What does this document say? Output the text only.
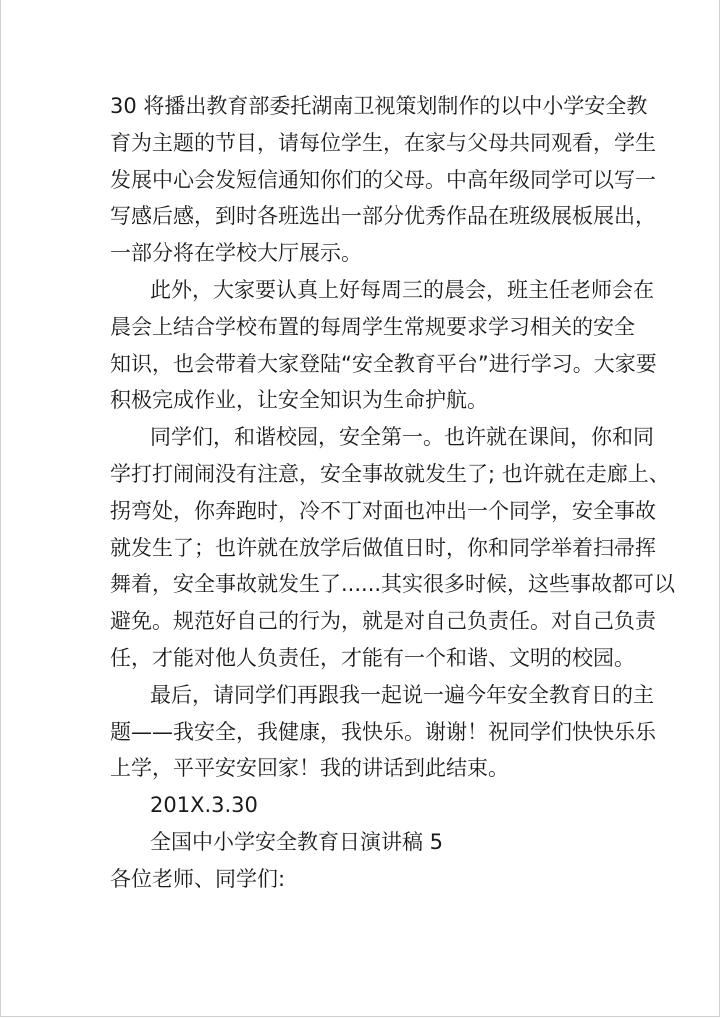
30 将播出教育部委托湖南卫视策划制作的以中小学安全教
育为主题的节目，请每位学生，在家与父母共同观看，学生
发展中心会发短信通知你们的父母。中高年级同学可以写一
写感后感，到时各班选出一部分优秀作品在班级展板展出，
一部分将在学校大厅展示。
此外，大家要认真上好每周三的晨会，班主任老师会在
晨会上结合学校布置的每周学生常规要求学习相关的安全
知识，也会带着大家登陆“安全教育平台”进行学习。大家要
积极完成作业，让安全知识为生命护航。
同学们，和谐校园，安全第一。也许就在课间，你和同
学打打闹闹没有注意，安全事故就发生了; 也许就在走廊上、
拐弯处，你奔跑时，冷不丁对面也冲出一个同学，安全事故
就发生了；也许就在放学后做值日时，你和同学举着扫帚挥
舞着，安全事故就发生了......其实很多时候，这些事故都可以
避免。规范好自己的行为，就是对自己负责任。对自己负责
任，才能对他人负责任，才能有一个和谐、文明的校园。
最后，请同学们再跟我一起说一遍今年安全教育日的主
题——我安全，我健康，我快乐。谢谢！祝同学们快快乐乐
上学，平平安安回家！我的讲话到此结束。
201X.3.30
全国中小学安全教育日演讲稿 5
各位老师、同学们:
